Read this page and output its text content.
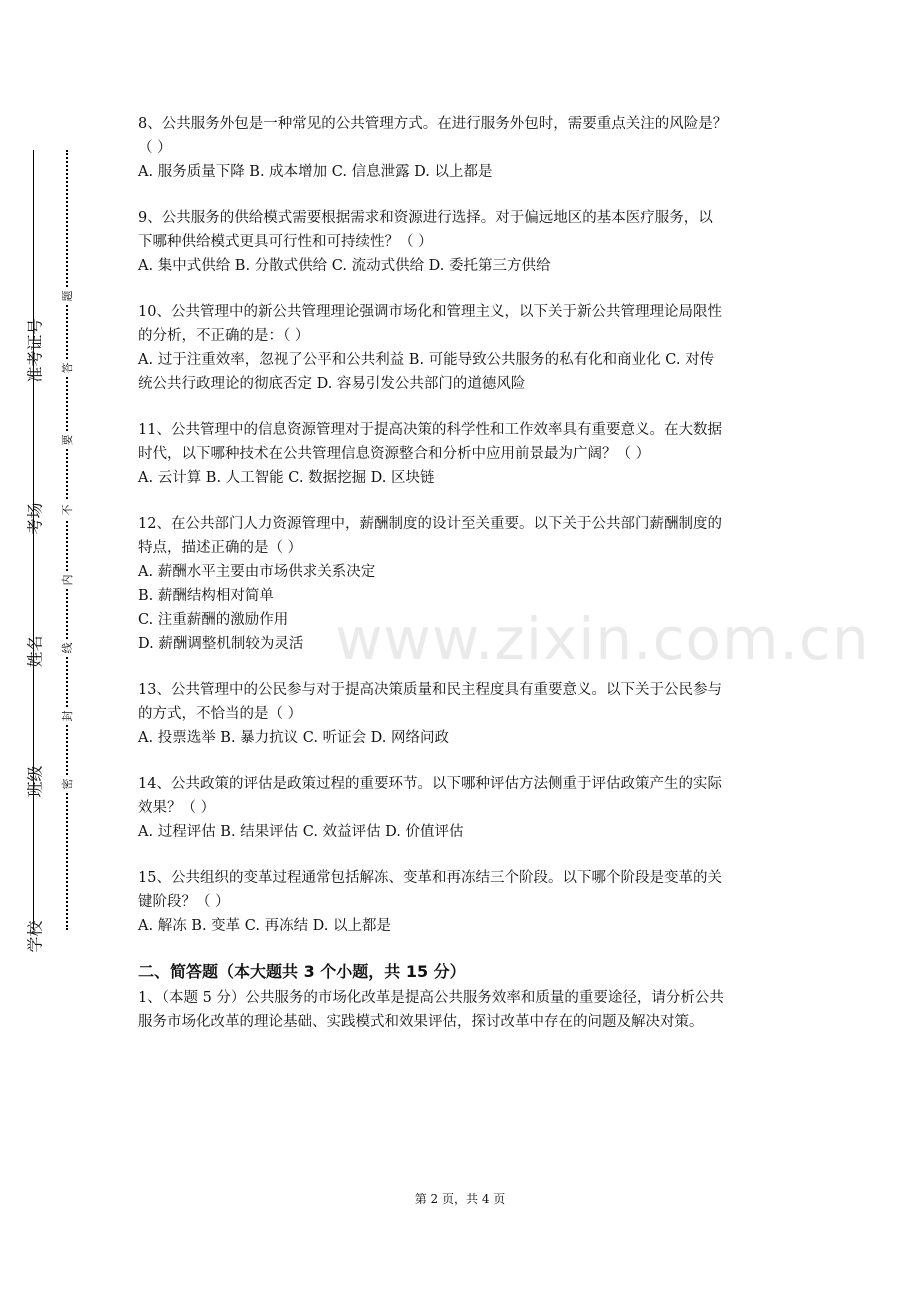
准考证号
考场
姓名
班级
学校
题
答
要
不
内
线
封
密
8、公共服务外包是一种常见的公共管理方式。在进行服务外包时，需要重点关注的风险是？
（ ）
A. 服务质量下降 B. 成本增加 C. 信息泄露 D. 以上都是
9、公共服务的供给模式需要根据需求和资源进行选择。对于偏远地区的基本医疗服务，以
下哪种供给模式更具可行性和可持续性？（ ）
A. 集中式供给 B. 分散式供给 C. 流动式供给 D. 委托第三方供给
10、公共管理中的新公共管理理论强调市场化和管理主义，以下关于新公共管理理论局限性
的分析，不正确的是：（ ）
A. 过于注重效率，忽视了公平和公共利益 B. 可能导致公共服务的私有化和商业化 C. 对传
统公共行政理论的彻底否定 D. 容易引发公共部门的道德风险
11、公共管理中的信息资源管理对于提高决策的科学性和工作效率具有重要意义。在大数据
时代，以下哪种技术在公共管理信息资源整合和分析中应用前景最为广阔？（ ）
A. 云计算 B. 人工智能 C. 数据挖掘 D. 区块链
12、在公共部门人力资源管理中，薪酬制度的设计至关重要。以下关于公共部门薪酬制度的
特点，描述正确的是（ ）
A. 薪酬水平主要由市场供求关系决定
B. 薪酬结构相对简单
C. 注重薪酬的激励作用
D. 薪酬调整机制较为灵活
13、公共管理中的公民参与对于提高决策质量和民主程度具有重要意义。以下关于公民参与
的方式，不恰当的是（ ）
A. 投票选举 B. 暴力抗议 C. 听证会 D. 网络问政
14、公共政策的评估是政策过程的重要环节。以下哪种评估方法侧重于评估政策产生的实际
效果？（ ）
A. 过程评估 B. 结果评估 C. 效益评估 D. 价值评估
15、公共组织的变革过程通常包括解冻、变革和再冻结三个阶段。以下哪个阶段是变革的关
键阶段？（ ）
A. 解冻 B. 变革 C. 再冻结 D. 以上都是
二、简答题（本大题共 3 个小题，共 15 分）
1、（本题 5 分）公共服务的市场化改革是提高公共服务效率和质量的重要途径，请分析公共
服务市场化改革的理论基础、实践模式和效果评估，探讨改革中存在的问题及解决对策。
www.zixin.com.cn
第 2 页，共 4 页
